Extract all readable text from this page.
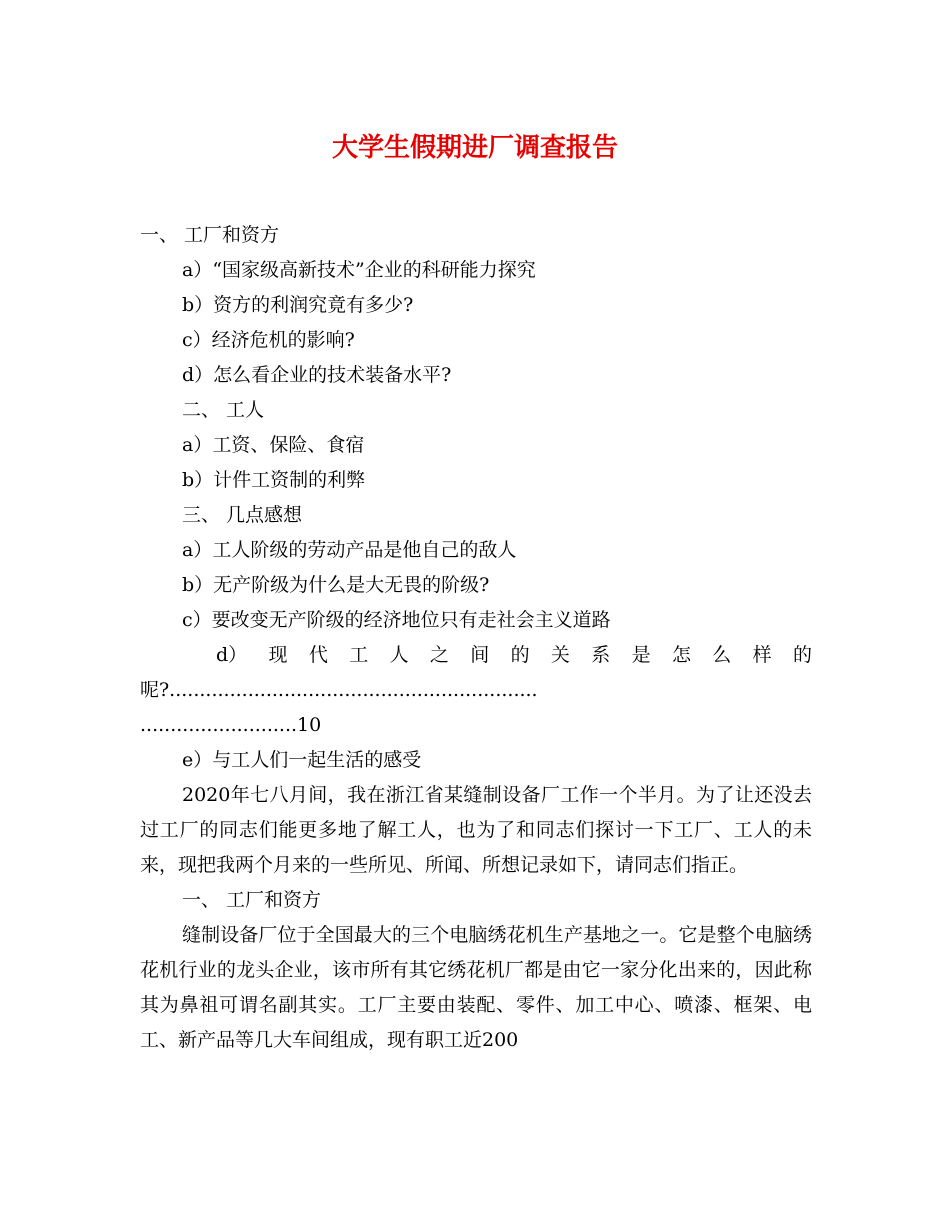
大学生假期进厂调查报告
一、 工厂和资方
a）“国家级高新技术”企业的科研能力探究
b）资方的利润究竟有多少?
c）经济危机的影响?
d）怎么看企业的技术装备水平?
二、 工人
a）工资、保险、食宿
b）计件工资制的利弊
三、 几点感想
a）工人阶级的劳动产品是他自己的敌人
b）无产阶级为什么是大无畏的阶级?
c）要改变无产阶级的经济地位只有走社会主义道路
d） 现 代 工 人 之 间 的 关 系 是 怎 么 样 的
呢?.............................................................
..........................10
e）与工人们一起生活的感受
2020年七八月间，我在浙江省某缝制设备厂工作一个半月。为了让还没去过工厂的同志们能更多地了解工人，也为了和同志们探讨一下工厂、工人的未来，现把我两个月来的一些所见、所闻、所想记录如下，请同志们指正。
一、 工厂和资方
缝制设备厂位于全国最大的三个电脑绣花机生产基地之一。它是整个电脑绣花机行业的龙头企业，该市所有其它绣花机厂都是由它一家分化出来的，因此称其为鼻祖可谓名副其实。工厂主要由装配、零件、加工中心、喷漆、框架、电工、新产品等几大车间组成，现有职工近200
